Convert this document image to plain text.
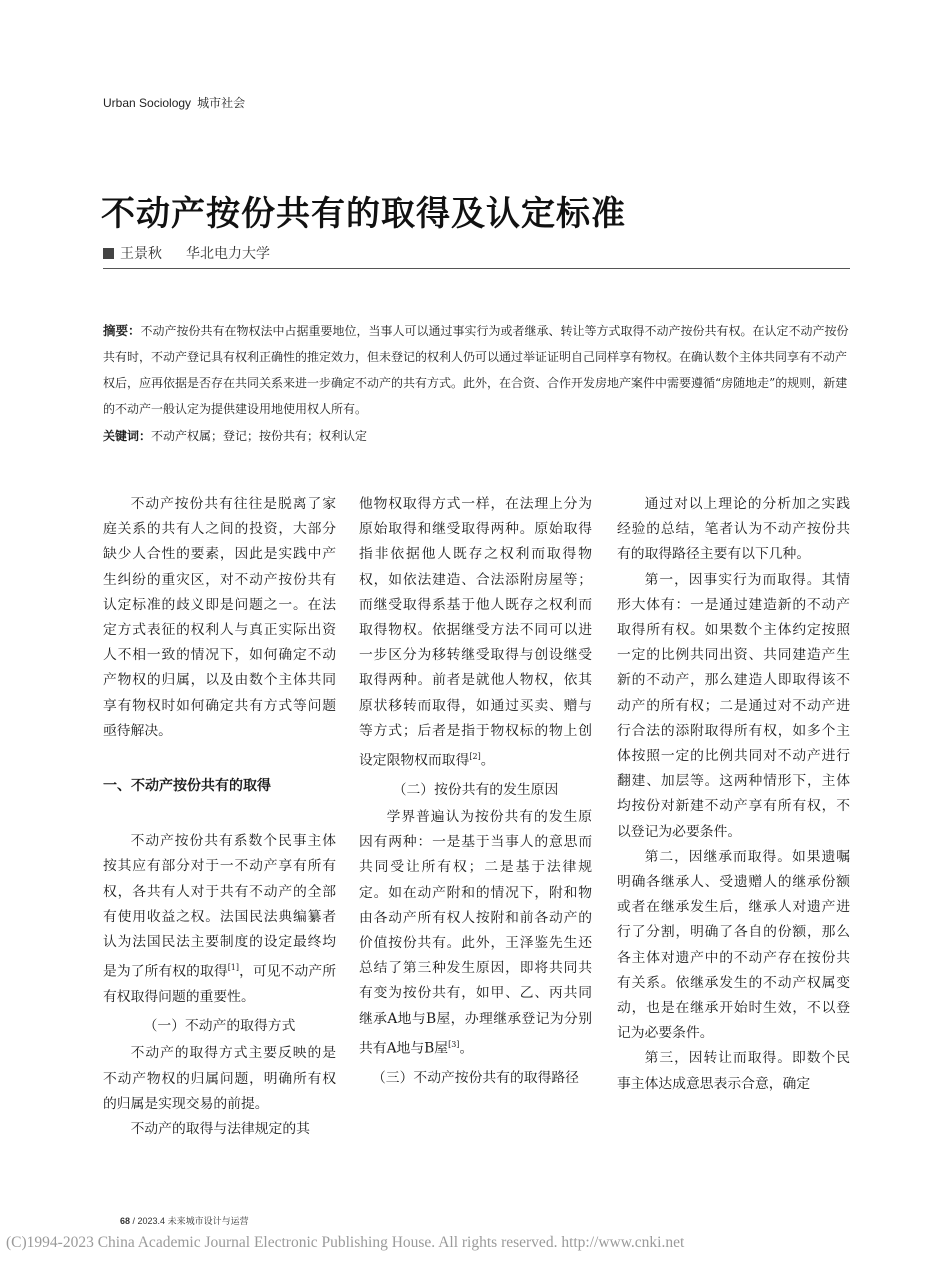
Urban Sociology 城市社会
不动产按份共有的取得及认定标准
王景秋 华北电力大学
摘要：不动产按份共有在物权法中占据重要地位，当事人可以通过事实行为或者继承、转让等方式取得不动产按份共有权。在认定不动产按份共有时，不动产登记具有权利正确性的推定效力，但未登记的权利人仍可以通过举证证明自己同样享有物权。在确认数个主体共同享有不动产权后，应再依据是否存在共同关系来进一步确定不动产的共有方式。此外，在合资、合作开发房地产案件中需要遵循“房随地走”的规则，新建的不动产一般认定为提供建设用地使用权人所有。
关键词：不动产权属；登记；按份共有；权利认定

不动产按份共有往往是脱离了家庭关系的共有人之间的投资，大部分缺少人合性的要素，因此是实践中产生纠纷的重灾区，对不动产按份共有认定标准的歧义即是问题之一。在法定方式表征的权利人与真正实际出资人不相一致的情况下，如何确定不动产物权的归属，以及由数个主体共同享有物权时如何确定共有方式等问题亟待解决。

一、不动产按份共有的取得

不动产按份共有系数个民事主体按其应有部分对于一不动产享有所有权，各共有人对于共有不动产的全部有使用收益之权。法国民法典编纂者认为法国民法主要制度的设定最终均是为了所有权的取得[1]，可见不动产所有权取得问题的重要性。

（一）不动产的取得方式

不动产的取得方式主要反映的是不动产物权的归属问题，明确所有权的归属是实现交易的前提。

不动产的取得与法律规定的其

他物权取得方式一样，在法理上分为原始取得和继受取得两种。原始取得指非依据他人既存之权利而取得物权，如依法建造、合法添附房屋等；而继受取得系基于他人既存之权利而取得物权。依据继受方法不同可以进一步区分为移转继受取得与创设继受取得两种。前者是就他人物权，依其原状移转而取得，如通过买卖、赠与等方式；后者是指于物权标的物上创设定限物权而取得[2]。

（二）按份共有的发生原因

学界普遍认为按份共有的发生原因有两种：一是基于当事人的意思而共同受让所有权；二是基于法律规定。如在动产附和的情况下，附和物由各动产所有权人按附和前各动产的价值按份共有。此外，王泽鉴先生还总结了第三种发生原因，即将共同共有变为按份共有，如甲、乙、丙共同继承A地与B屋，办理继承登记为分别共有A地与B屋[3]。

（三）不动产按份共有的取得路径

通过对以上理论的分析加之实践经验的总结，笔者认为不动产按份共有的取得路径主要有以下几种。

第一，因事实行为而取得。其情形大体有：一是通过建造新的不动产取得所有权。如果数个主体约定按照一定的比例共同出资、共同建造产生新的不动产，那么建造人即取得该不动产的所有权；二是通过对不动产进行合法的添附取得所有权，如多个主体按照一定的比例共同对不动产进行翻建、加层等。这两种情形下，主体均按份对新建不动产享有所有权，不以登记为必要条件。

第二，因继承而取得。如果遗嘱明确各继承人、受遗赠人的继承份额或者在继承发生后，继承人对遗产进行了分割，明确了各自的份额，那么各主体对遗产中的不动产存在按份共有关系。依继承发生的不动产权属变动，也是在继承开始时生效，不以登记为必要条件。

第三，因转让而取得。即数个民事主体达成意思表示合意，确定

68 / 2023.4 未来城市设计与运营
(C)1994-2023 China Academic Journal Electronic Publishing House. All rights reserved. http://www.cnki.net
